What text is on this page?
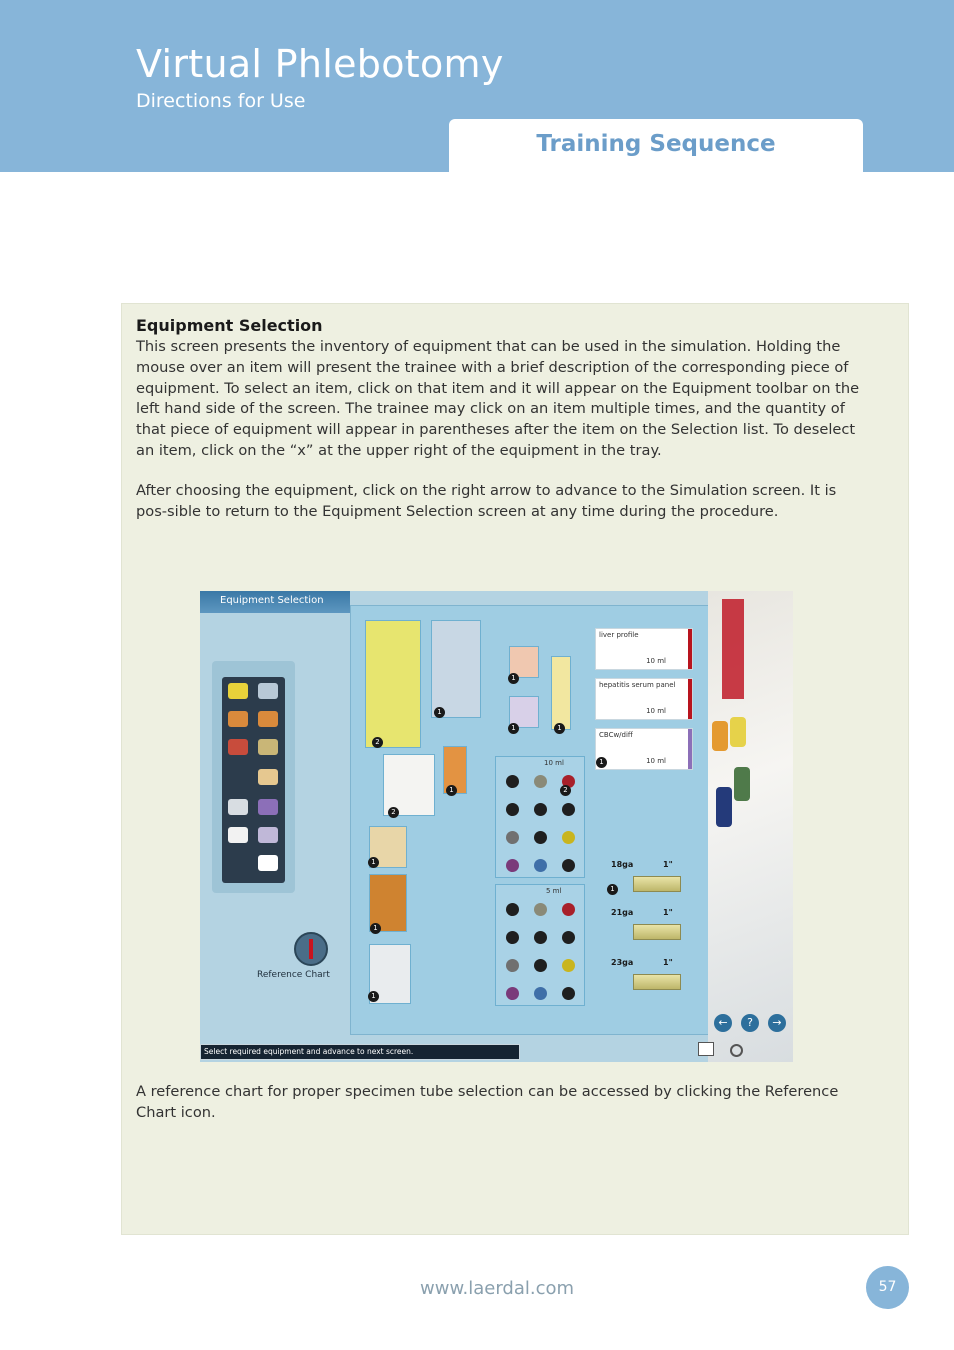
Virtual Phlebotomy
Directions for Use
Training Sequence
Equipment Selection

This screen presents the inventory of equipment that can be used in the simulation. Holding the mouse over an item will present the trainee with a brief description of the corresponding piece of equipment. To select an item, click on that item and it will appear on the Equipment toolbar on the left hand side of the screen. The trainee may click on an item multiple times, and the quantity of that piece of equipment will appear in parentheses after the item on the Selection list. To deselect an item, click on the “x” at the upper right of the equipment in the tray.

After choosing the equipment, click on the right arrow to advance to the Simulation screen. It is pos-sible to return to the Equipment Selection screen at any time during the procedure.

Equipment Selection
Reference Chart
2
1
2
1
1
1
1
1
1	1
10 ml
2
5 ml
liver profile
10 ml
hepatitis serum panel
10 ml
CBCw/diff
10 ml
1
18ga	1"
1
21ga	1"
23ga	1"
←	?	→
Select required equipment and advance to next screen.

A reference chart for proper specimen tube selection can be accessed by clicking the Reference Chart icon.

www.laerdal.com	57
